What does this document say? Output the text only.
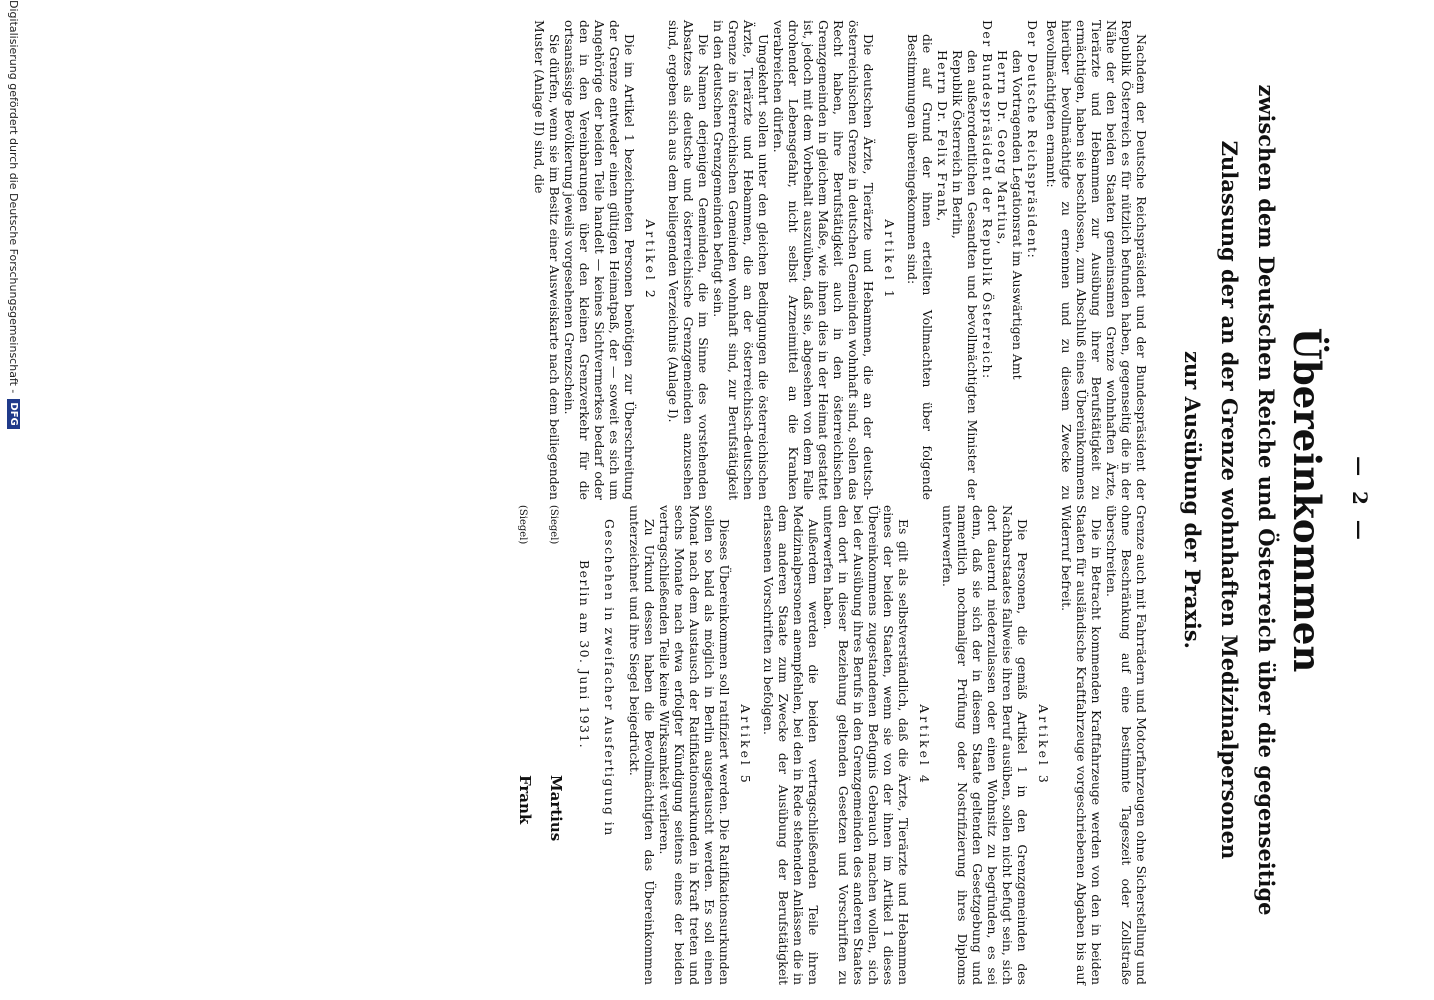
— 2 —
Übereinkommen
zwischen dem Deutschen Reiche und Österreich über die gegenseitige
Zulassung der an der Grenze wohnhaften Medizinalpersonen
zur Ausübung der Praxis.

Nachdem der Deutsche Reichspräsident und der Bundespräsident der Republik Österreich es für nützlich befunden haben, gegenseitig die in der Nähe der den beiden Staaten gemeinsamen Grenze wohnhaften Ärzte, Tierärzte und Hebammen zur Ausübung ihrer Berufstätigkeit zu ermächtigen, haben sie beschlossen, zum Abschluß eines Übereinkommens hierüber bevollmächtigte zu ernennen und zu diesem Zwecke zu Bevollmächtigten ernannt:

Der Deutsche Reichspräsident:

den Vortragenden Legationsrat im Auswärtigen Amt

Herrn Dr. Georg Martius,

Der Bundespräsident der Republik Österreich:

den außerordentlichen Gesandten und bevollmächtigten Minister der Republik Österreich in Berlin,

Herrn Dr. Felix Frank,

die auf Grund der ihnen erteilten Vollmachten über folgende Bestimmungen übereingekommen sind:

Artikel 1

Die deutschen Ärzte, Tierärzte und Hebammen, die an der deutsch-österreichischen Grenze in deutschen Gemeinden wohnhaft sind, sollen das Recht haben, ihre Berufstätigkeit auch in den österreichischen Grenzgemeinden in gleichem Maße, wie ihnen dies in der Heimat gestattet ist, jedoch mit dem Vorbehalt auszuüben, daß sie, abgesehen von dem Falle drohender Lebensgefahr, nicht selbst Arzneimittel an die Kranken verabreichen dürfen.

Umgekehrt sollen unter den gleichen Bedingungen die österreichischen Ärzte, Tierärzte und Hebammen, die an der österreichisch-deutschen Grenze in österreichischen Gemeinden wohnhaft sind, zur Berufstätigkeit in den deutschen Grenzgemeinden befugt sein.

Die Namen derjenigen Gemeinden, die im Sinne des vorstehenden Absatzes als deutsche und österreichische Grenzgemeinden anzusehen sind, ergeben sich aus dem beiliegenden Verzeichnis (Anlage I).

Artikel 2

Die im Artikel 1 bezeichneten Personen benötigen zur Überschreitung der Grenze entweder einen gültigen Heimatpaß, der — soweit es sich um Angehörige der beiden Teile handelt — keines Sichtvermerkes bedarf oder den in den Vereinbarungen über den kleinen Grenzverkehr für die ortsansässige Bevölkerung jeweils vorgesehenen Grenzschein.

Sie dürfen, wenn sie im Besitz einer Ausweiskarte nach dem beiliegenden Muster (Anlage II) sind, die

Grenze auch mit Fahrrädern und Motorfahrzeugen ohne Sicherstellung und ohne Beschränkung auf eine bestimmte Tageszeit oder Zollstraße überschreiten.

Die in Betracht kommenden Kraftfahrzeuge werden von den in beiden Staaten für ausländische Kraftfahrzeuge vorgeschriebenen Abgaben bis auf Widerruf befreit.

Artikel 3

Die Personen, die gemäß Artikel 1 in den Grenzgemeinden des Nachbarstaates fallweise ihren Beruf ausüben, sollen nicht befugt sein, sich dort dauernd niederzulassen oder einen Wohnsitz zu begründen, es sei denn, daß sie sich der in diesem Staate geltenden Gesetzgebung und namentlich nochmaliger Prüfung oder Nostrifizierung ihres Diploms unterwerfen.

Artikel 4

Es gilt als selbstverständlich, daß die Ärzte, Tierärzte und Hebammen eines der beiden Staaten, wenn sie von der ihnen im Artikel 1 dieses Übereinkommens zugestandenen Befugnis Gebrauch machen wollen, sich bei der Ausübung ihres Berufs in den Grenzgemeinden des anderen Staates den dort in dieser Beziehung geltenden Gesetzen und Vorschriften zu unterwerfen haben.

Außerdem werden die beiden vertragschließenden Teile ihren Medizinalpersonen anempfehlen, bei den in Rede stehenden Anlässen die in dem anderen Staate zum Zwecke der Ausübung der Berufstätigkeit erlassenen Vorschriften zu befolgen.

Artikel 5

Dieses Übereinkommen soll ratifiziert werden. Die Ratifikationsurkunden sollen so bald als möglich in Berlin ausgetauscht werden. Es soll einen Monat nach dem Austausch der Ratifikationsurkunden in Kraft treten und sechs Monate nach etwa erfolgter Kündigung seitens eines der beiden vertragschließenden Teile keine Wirksamkeit verlieren.

Zu Urkund dessen haben die Bevollmächtigten das Übereinkommen unterzeichnet und ihre Siegel beigedrückt.

Geschehen in zweifacher Ausfertigung in

Berlin am 30. Juni 1931.

(Siegel)
Martius
(Siegel)
Frank
Digitalisierung gefördert durch die Deutsche Forschungsgemeinschaft -
DFG
